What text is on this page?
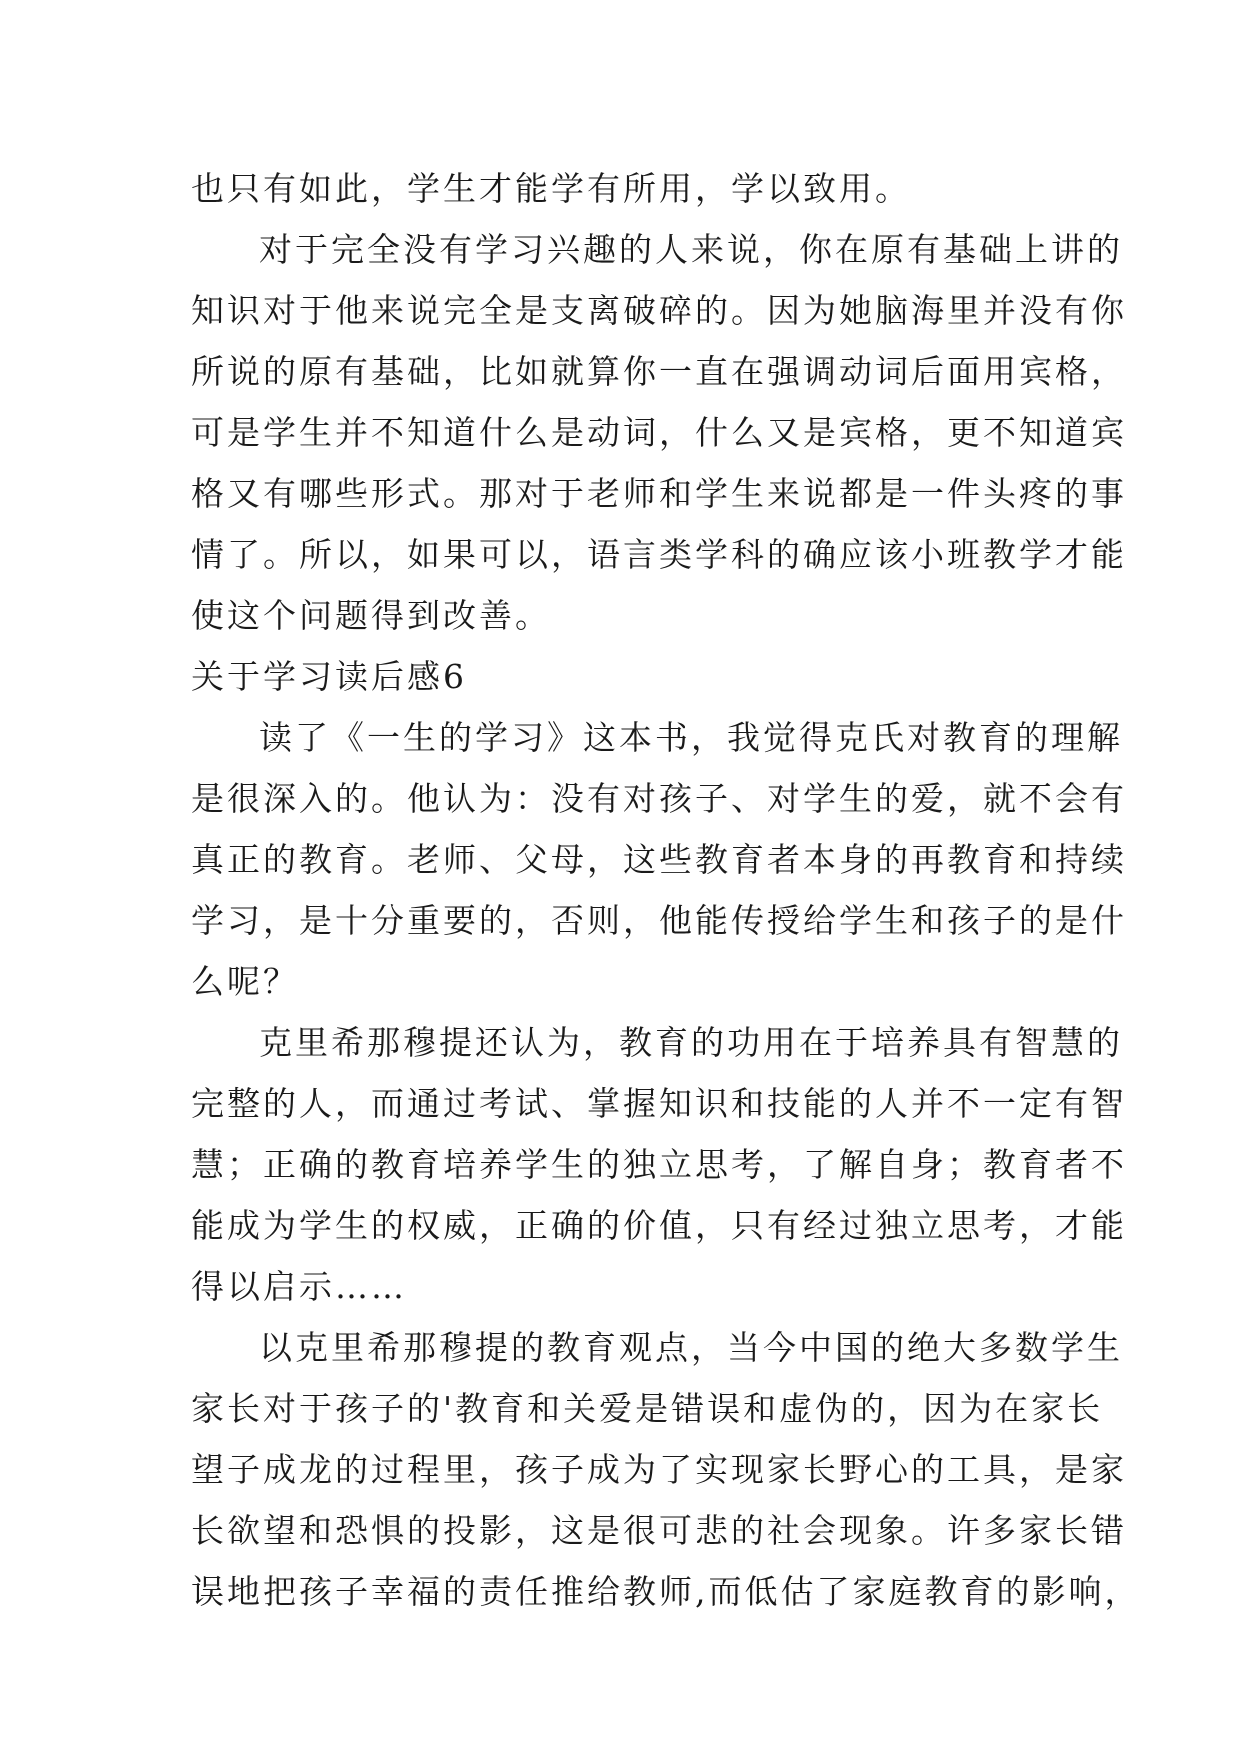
也只有如此，学生才能学有所用，学以致用。
对于完全没有学习兴趣的人来说，你在原有基础上讲的
知识对于他来说完全是支离破碎的。因为她脑海里并没有你
所说的原有基础，比如就算你一直在强调动词后面用宾格，
可是学生并不知道什么是动词，什么又是宾格，更不知道宾
格又有哪些形式。那对于老师和学生来说都是一件头疼的事
情了。所以，如果可以，语言类学科的确应该小班教学才能
使这个问题得到改善。
关于学习读后感6
读了《一生的学习》这本书，我觉得克氏对教育的理解
是很深入的。他认为：没有对孩子、对学生的爱，就不会有
真正的教育。老师、父母，这些教育者本身的再教育和持续
学习，是十分重要的，否则，他能传授给学生和孩子的是什
么呢？
克里希那穆提还认为，教育的功用在于培养具有智慧的
完整的人，而通过考试、掌握知识和技能的人并不一定有智
慧；正确的教育培养学生的独立思考，了解自身；教育者不
能成为学生的权威，正确的价值，只有经过独立思考，才能
得以启示……
以克里希那穆提的教育观点，当今中国的绝大多数学生
家长对于孩子的'教育和关爱是错误和虚伪的，因为在家长
望子成龙的过程里，孩子成为了实现家长野心的工具，是家
长欲望和恐惧的投影，这是很可悲的社会现象。许多家长错
误地把孩子幸福的责任推给教师,而低估了家庭教育的影响，
